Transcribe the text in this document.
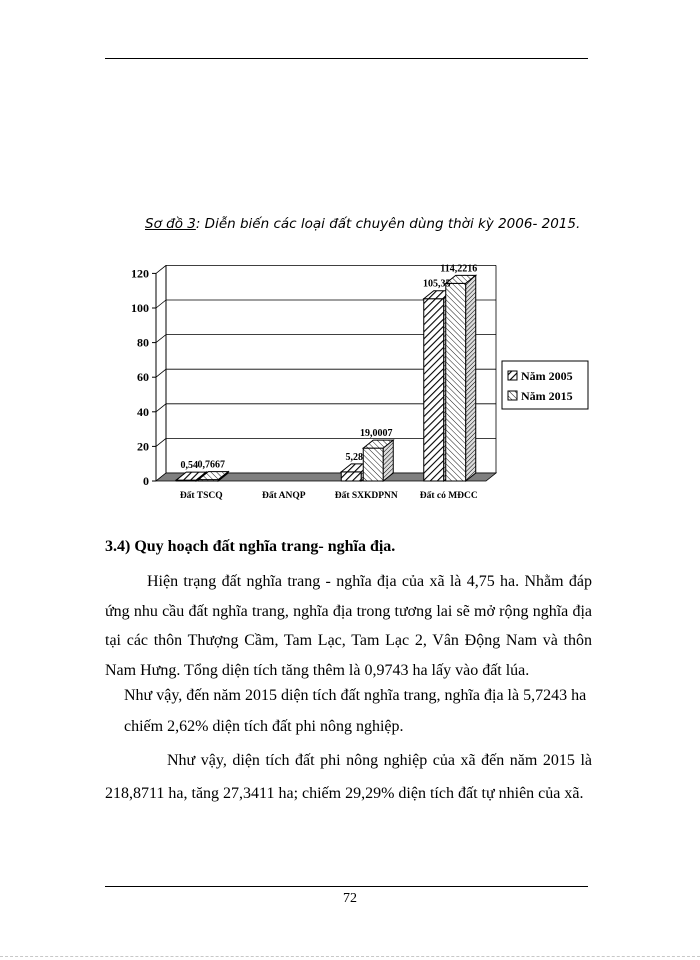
Sơ đồ 3: Diễn biến các loại đất chuyên dùng thời kỳ 2006- 2015.
0
20
40
60
80
100
120
Đất TSCQ	Đất ANQP	Đất SXKDPNN Đất có MĐCC
0,54 0,7667
5,28
19,0007
105,35
114,2216
Năm 2005
Năm 2015
3.4) Quy hoạch đất nghĩa trang- nghĩa địa.
Hiện trạng đất nghĩa trang - nghĩa địa của xã là 4,75 ha. Nhằm đáp ứng nhu cầu đất nghĩa trang, nghĩa địa trong tương lai sẽ mở rộng nghĩa địa tại các thôn Thượng Cầm, Tam Lạc, Tam Lạc 2, Vân Động Nam và thôn Nam Hưng. Tổng diện tích tăng thêm là 0,9743 ha lấy vào đất lúa.
Như vậy, đến năm 2015 diện tích đất nghĩa trang, nghĩa địa là 5,7243 ha chiếm 2,62% diện tích đất phi nông nghiệp.
Như vậy, diện tích đất phi nông nghiệp của xã đến năm 2015 là 218,8711 ha, tăng 27,3411 ha; chiếm 29,29% diện tích đất tự nhiên của xã.
72
